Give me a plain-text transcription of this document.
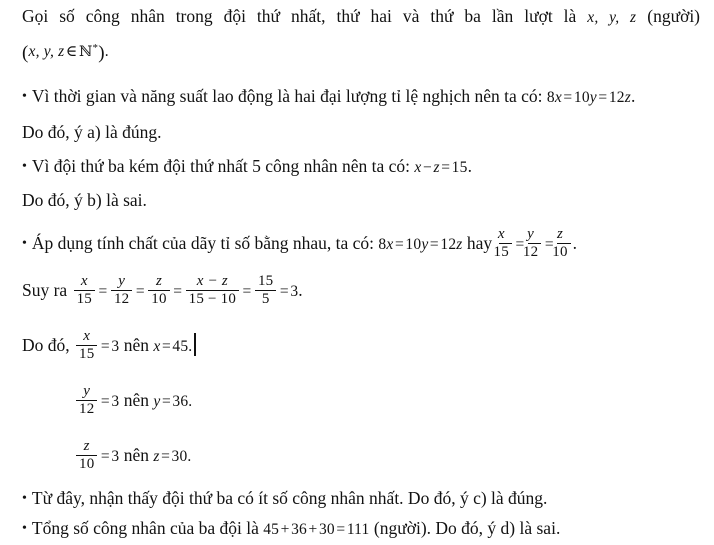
Gọi số công nhân trong đội thứ nhất, thứ hai và thứ ba lần lượt là x, y, z (người)
(x, y, z∈ ℕ*).
• Vì thời gian và năng suất lao động là hai đại lượng tỉ lệ nghịch nên ta có: 8x=10y=12z.
Do đó, ý a) là đúng.
• Vì đội thứ ba kém đội thứ nhất 5 công nhân nên ta có: x−z=15.
Do đó, ý b) là sai.
• Áp dụng tính chất của dãy tỉ số bằng nhau, ta có: 8x=10y=12z hay $\frac{x}{15} = \frac{y}{12} = \frac{z}{10}$ .
Suy ra $\frac{x}{15} = \frac{y}{12} = \frac{z}{10} = \frac{x - z}{15 - 10} = \frac{15}{5} =3$.
Do đó, $\frac{x}{15} =3$ nên x=45.
$\frac{y}{12} =3$ nên y=36.
$\frac{z}{10} =3$ nên z=30.
• Từ đây, nhận thấy đội thứ ba có ít số công nhân nhất. Do đó, ý c) là đúng.
• Tổng số công nhân của ba đội là 45+36+30=111 (người). Do đó, ý d) là sai.
